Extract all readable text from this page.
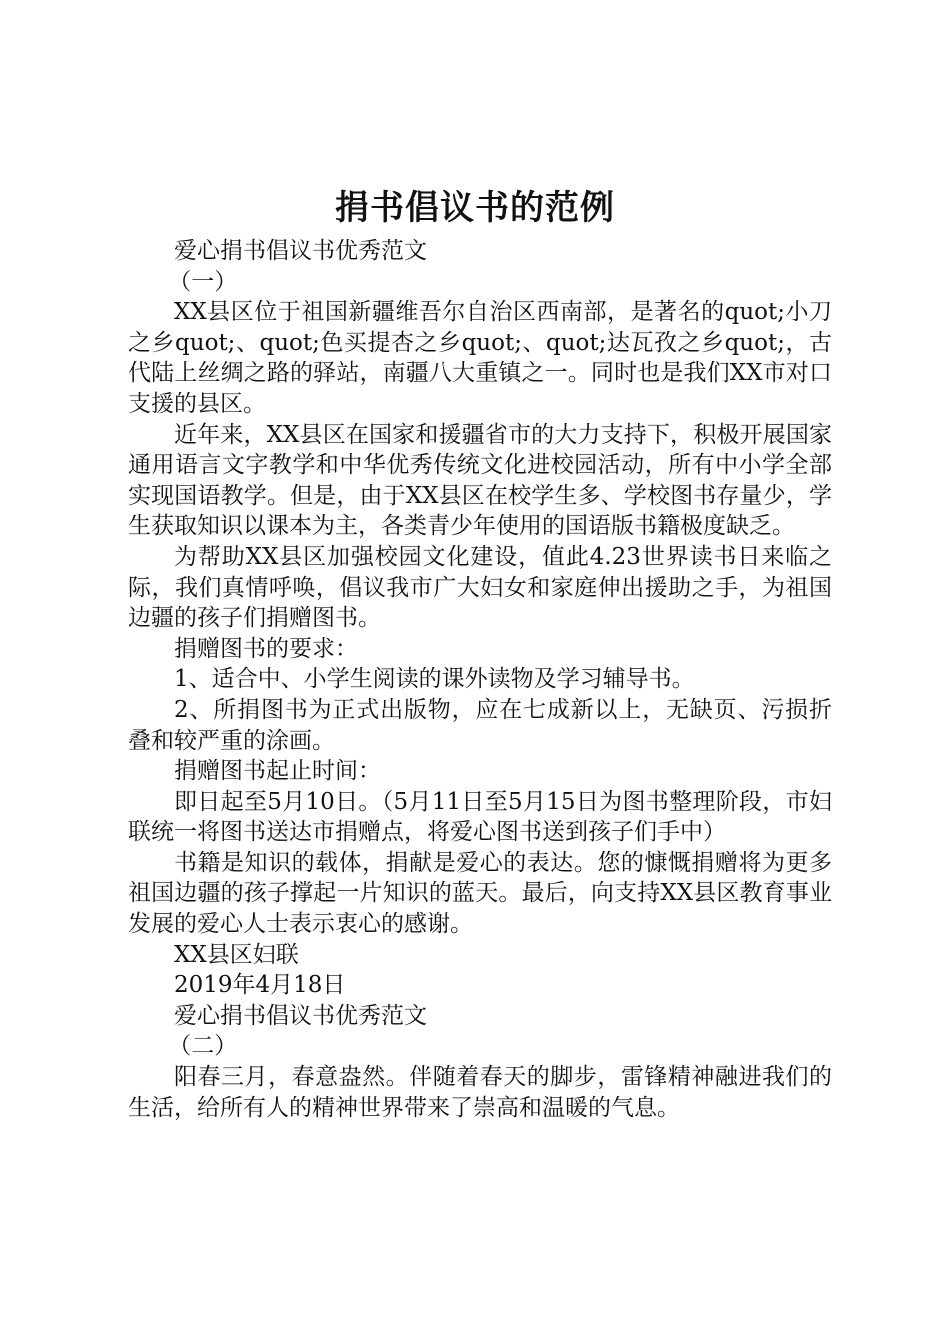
捐书倡议书的范例

爱心捐书倡议书优秀范文

（一）

XX县区位于祖国新疆维吾尔自治区西南部，是著名的quot;小刀之乡quot;、quot;色买提杏之乡quot;、quot;达瓦孜之乡quot;，古代陆上丝绸之路的驿站，南疆八大重镇之一。同时也是我们XX市对口支援的县区。

近年来，XX县区在国家和援疆省市的大力支持下，积极开展国家通用语言文字教学和中华优秀传统文化进校园活动，所有中小学全部实现国语教学。但是，由于XX县区在校学生多、学校图书存量少，学生获取知识以课本为主，各类青少年使用的国语版书籍极度缺乏。

为帮助XX县区加强校园文化建设，值此4.23世界读书日来临之际，我们真情呼唤，倡议我市广大妇女和家庭伸出援助之手，为祖国边疆的孩子们捐赠图书。

捐赠图书的要求：

1、适合中、小学生阅读的课外读物及学习辅导书。

2、所捐图书为正式出版物，应在七成新以上，无缺页、污损折叠和较严重的涂画。

捐赠图书起止时间：

即日起至5月10日。（5月11日至5月15日为图书整理阶段，市妇联统一将图书送达市捐赠点，将爱心图书送到孩子们手中）

书籍是知识的载体，捐献是爱心的表达。您的慷慨捐赠将为更多祖国边疆的孩子撑起一片知识的蓝天。最后，向支持XX县区教育事业发展的爱心人士表示衷心的感谢。

XX县区妇联

2019年4月18日

爱心捐书倡议书优秀范文

（二）

阳春三月，春意盎然。伴随着春天的脚步，雷锋精神融进我们的生活，给所有人的精神世界带来了崇高和温暖的气息。
